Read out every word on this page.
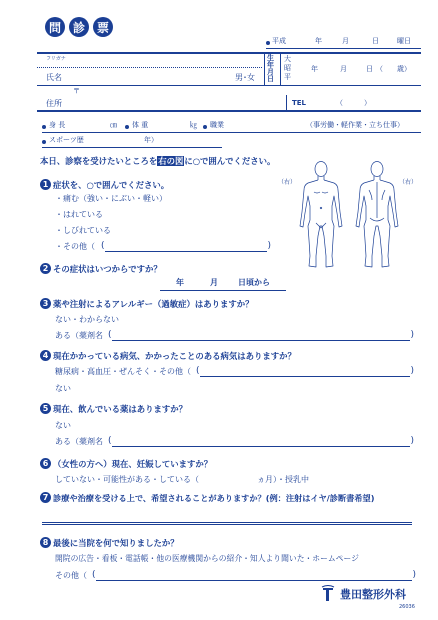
問 診 票
平成	年	月	日	曜日
フリガナ
氏名	男･女
生
年
月
日
大
昭
平
年	月	日 （　　歳）
〒
住所	TEL	（　　　）
身 長	㎝ 体 重	㎏ 職業	（事労働・軽作業・立ち仕事）
スポーツ歴	年）
本日、診察を受けたいところを右の図に○で囲んでください。
（右）	（右）
1 症状を、○で囲んでください。
・痛む（強い・にぶい・軽い）
・はれている
・しびれている
・その他（
( )
2 その症状はいつからですか？
年	月	日頃から
3 薬や注射によるアレルギー（過敏症）はありますか？
ない・わからない
ある（薬剤名
( )
4 現在かかっている病気、かかったことのある病気はありますか？
糖尿病・高血圧・ぜんそく・その他（
( )
ない
5 現在、飲んでいる薬はありますか？
ない
ある（薬剤名
( )
6 （女性の方へ）現在、妊娠していますか？
していない・可能性がある・している（	ヵ月）・授乳中
7 診療や治療を受ける上で、希望されることがありますか？(例：注射はイヤ/診断書希望)
8 最後に当院を何で知りましたか？
開院の広告・看板・電話帳・他の医療機関からの紹介・知人より聞いた・ホームページ
その他（
( )
豊田整形外科
26036
